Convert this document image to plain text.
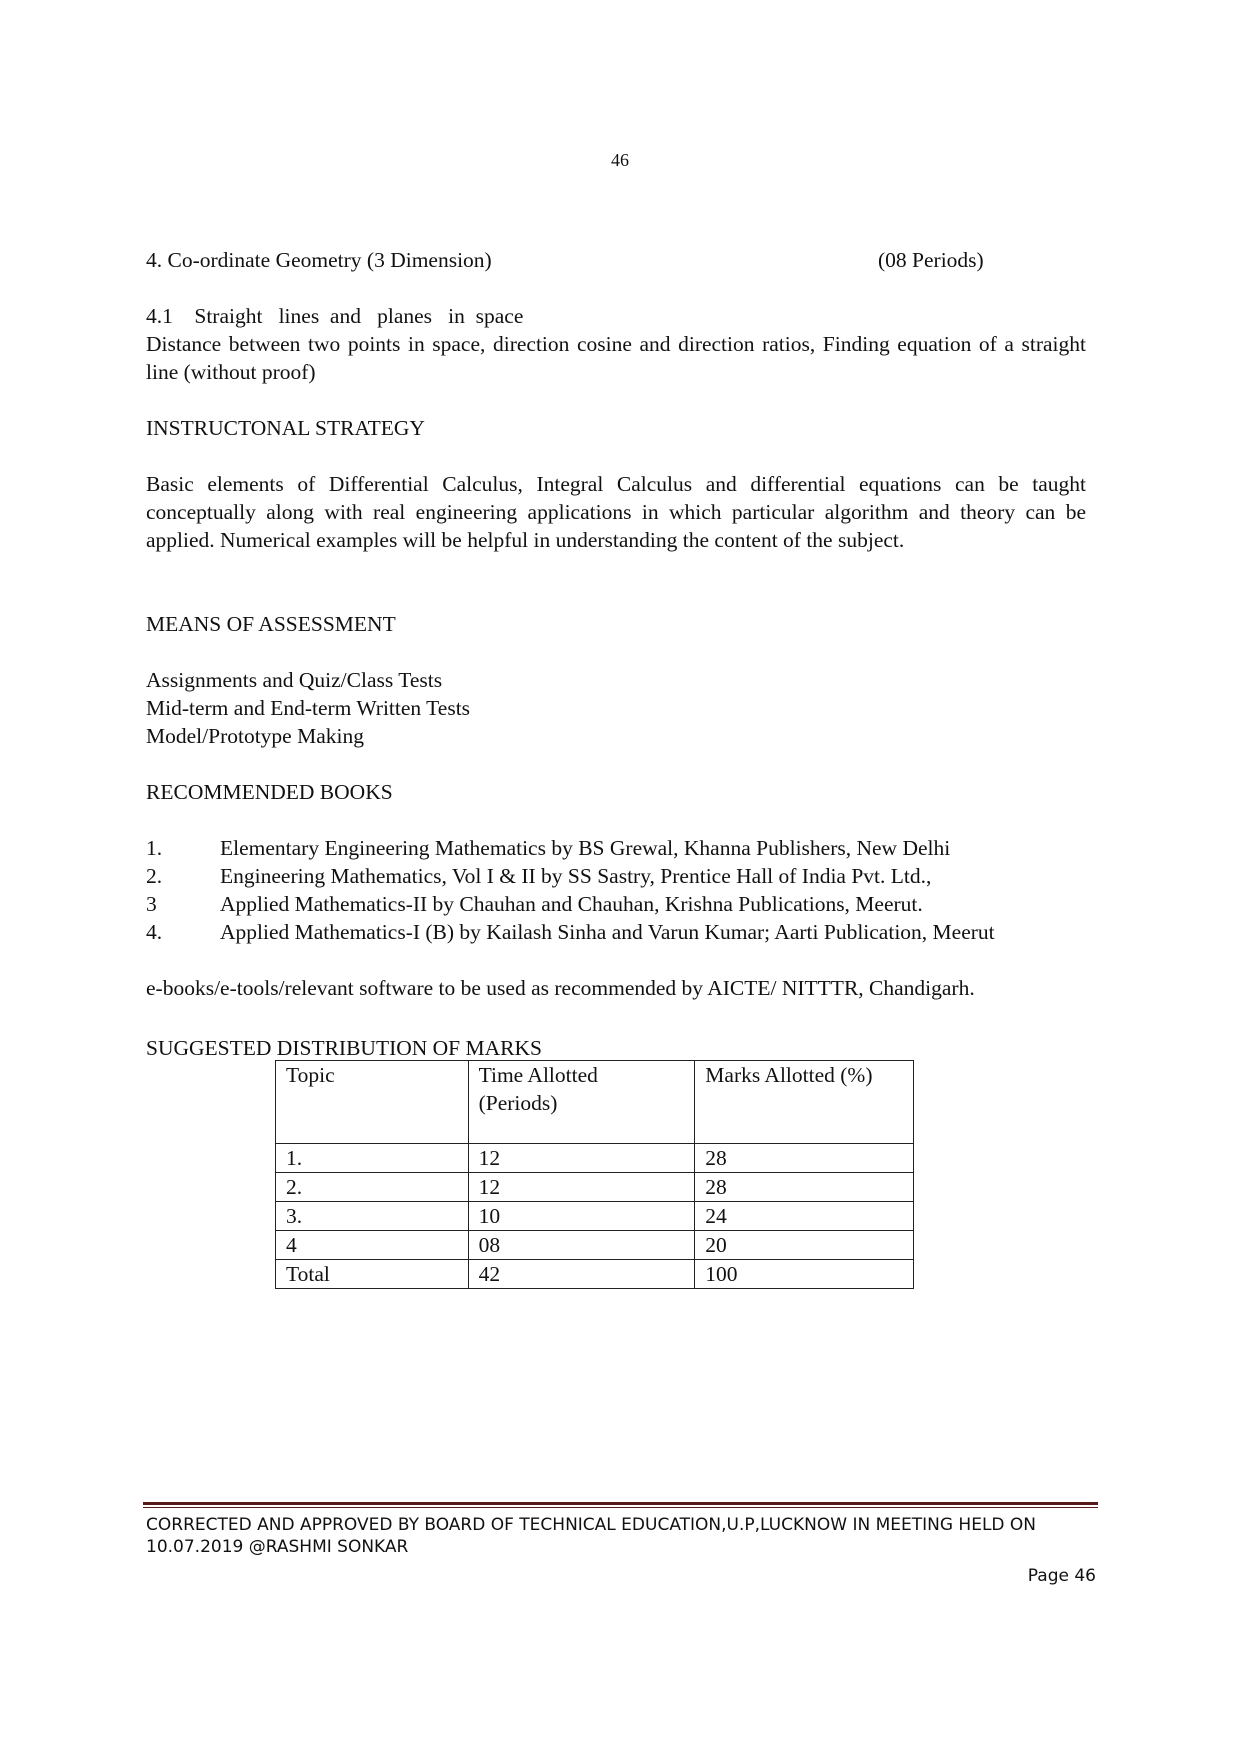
46
4. Co-ordinate Geometry (3 Dimension)	(08 Periods)
4.1    Straight   lines  and   planes   in  space
Distance between two points in space, direction cosine and direction ratios, Finding equation of a straight line (without proof)
INSTRUCTONAL STRATEGY
Basic elements of Differential Calculus, Integral Calculus and differential equations can be taught conceptually along with real engineering applications in which particular algorithm and theory can be applied. Numerical examples will be helpful in understanding the content of the subject.
MEANS OF ASSESSMENT
Assignments and Quiz/Class Tests
Mid-term and End-term Written Tests
Model/Prototype Making
RECOMMENDED BOOKS
1.	Elementary Engineering Mathematics by BS Grewal, Khanna Publishers, New Delhi
2.	Engineering Mathematics, Vol I & II by SS Sastry, Prentice Hall of India Pvt. Ltd.,
3	Applied Mathematics-II by Chauhan and Chauhan, Krishna Publications, Meerut.
4.	Applied Mathematics-I (B) by Kailash Sinha and Varun Kumar; Aarti Publication, Meerut
e-books/e-tools/relevant software to be used as recommended by AICTE/ NITTTR, Chandigarh.
SUGGESTED DISTRIBUTION OF MARKS
Topic	Time Allotted (Periods)	Marks Allotted (%)
1.	12	28
2.	12	28
3.	10	24
4	08	20
Total	42	100
CORRECTED AND APPROVED BY BOARD OF TECHNICAL EDUCATION,U.P,LUCKNOW IN MEETING HELD ON
10.07.2019 @RASHMI SONKAR
Page 46
